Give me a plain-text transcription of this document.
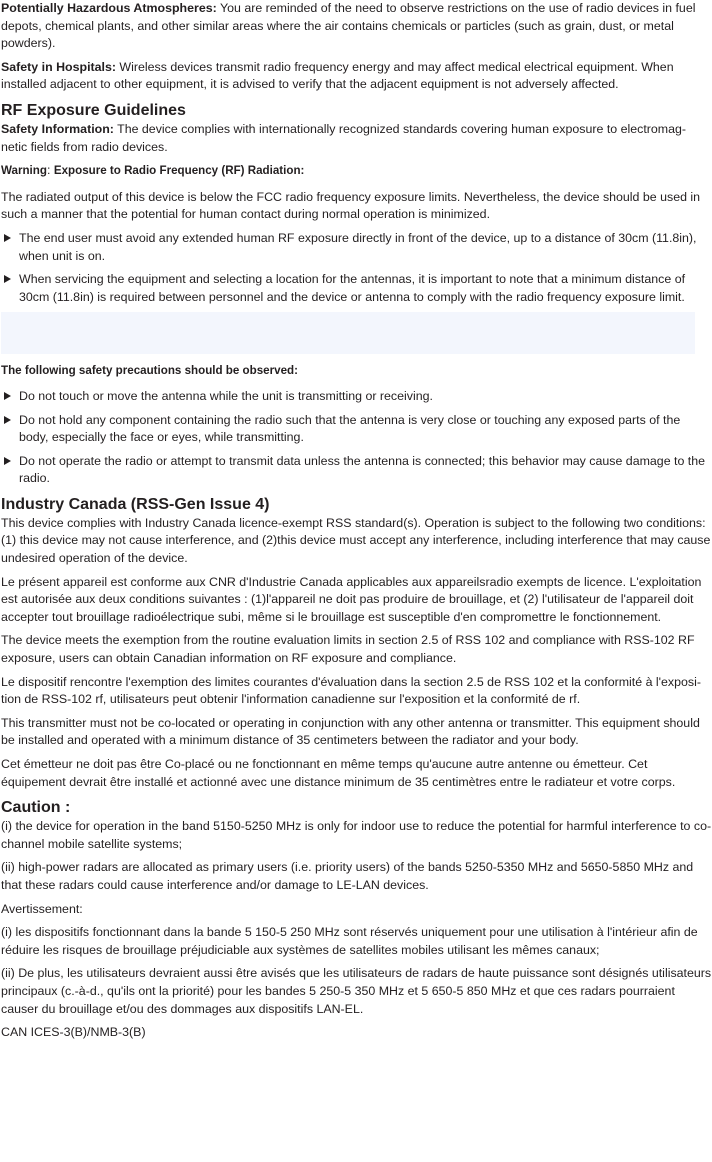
Potentially Hazardous Atmospheres: You are reminded of the need to observe restrictions on the use of radio devices in fuel depots, chemical plants, and other similar areas where the air contains chemicals or particles (such as grain, dust, or metal powders).

Safety in Hospitals: Wireless devices transmit radio frequency energy and may affect medical electrical equipment. When installed adjacent to other equipment, it is advised to verify that the adjacent equipment is not adversely affected.

RF Exposure Guidelines

Safety Information: The device complies with internationally recognized standards covering human exposure to electromag-netic fields from radio devices.

Warning: Exposure to Radio Frequency (RF) Radiation:

The radiated output of this device is below the FCC radio frequency exposure limits. Nevertheless, the device should be used in such a manner that the potential for human contact during normal operation is minimized.

The end user must avoid any extended human RF exposure directly in front of the device, up to a distance of 30cm (11.8in), when unit is on.
When servicing the equipment and selecting a location for the antennas, it is important to note that a minimum distance of 30cm (11.8in) is required between personnel and the device or antenna to comply with the radio frequency exposure limit.

The following safety precautions should be observed:

Do not touch or move the antenna while the unit is transmitting or receiving.
Do not hold any component containing the radio such that the antenna is very close or touching any exposed parts of the body, especially the face or eyes, while transmitting.
Do not operate the radio or attempt to transmit data unless the antenna is connected; this behavior may cause damage to the radio.
Industry Canada (RSS-Gen Issue 4)

This device complies with Industry Canada licence-exempt RSS standard(s). Operation is subject to the following two conditions: (1) this device may not cause interference, and (2)this device must accept any interference, including interference that may cause undesired operation of the device.

Le présent appareil est conforme aux CNR d'Industrie Canada applicables aux appareilsradio exempts de licence. L'exploitation est autorisée aux deux conditions suivantes : (1)l'appareil ne doit pas produire de brouillage, et (2) l'utilisateur de l'appareil doit accepter tout brouillage radioélectrique subi, même si le brouillage est susceptible d'en compromettre le fonctionnement.

The device meets the exemption from the routine evaluation limits in section 2.5 of RSS 102 and compliance with RSS-102 RF exposure, users can obtain Canadian information on RF exposure and compliance.

Le dispositif rencontre l'exemption des limites courantes d'évaluation dans la section 2.5 de RSS 102 et la conformité à l'exposi-tion de RSS-102 rf, utilisateurs peut obtenir l'information canadienne sur l'exposition et la conformité de rf.

This transmitter must not be co-located or operating in conjunction with any other antenna or transmitter. This equipment should be installed and operated with a minimum distance of 35 centimeters between the radiator and your body.

Cet émetteur ne doit pas être Co-placé ou ne fonctionnant en même temps qu'aucune autre antenne ou émetteur. Cet équipement devrait être installé et actionné avec une distance minimum de 35 centimètres entre le radiateur et votre corps.

Caution :

(i) the device for operation in the band 5150-5250 MHz is only for indoor use to reduce the potential for harmful interference to co-channel mobile satellite systems;

(ii) high-power radars are allocated as primary users (i.e. priority users) of the bands 5250-5350 MHz and 5650-5850 MHz and that these radars could cause interference and/or damage to LE-LAN devices.

Avertissement:

(i) les dispositifs fonctionnant dans la bande 5 150-5 250 MHz sont réservés uniquement pour une utilisation à l'intérieur afin de réduire les risques de brouillage préjudiciable aux systèmes de satellites mobiles utilisant les mêmes canaux;

(ii) De plus, les utilisateurs devraient aussi être avisés que les utilisateurs de radars de haute puissance sont désignés utilisateurs principaux (c.-à-d., qu'ils ont la priorité) pour les bandes 5 250-5 350 MHz et 5 650-5 850 MHz et que ces radars pourraient causer du brouillage et/ou des dommages aux dispositifs LAN-EL.

CAN ICES-3(B)/NMB-3(B)
